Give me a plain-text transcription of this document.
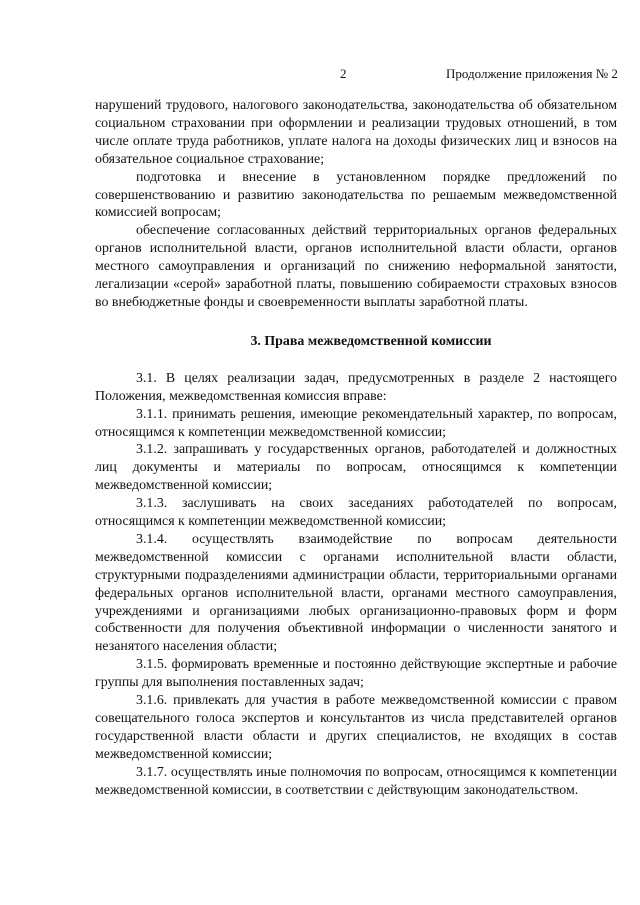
2	Продолжение приложения № 2

нарушений трудового, налогового законодательства, законодательства об обязательном социальном страховании при оформлении и реализации трудовых отношений, в том числе оплате труда работников, уплате налога на доходы физических лиц и взносов на обязательное социальное страхование;

подготовка и внесение в установленном порядке предложений по совершенствованию и развитию законодательства по решаемым межведомственной комиссией вопросам;

обеспечение согласованных действий территориальных органов федеральных органов исполнительной власти, органов исполнительной власти области, органов местного самоуправления и организаций по снижению неформальной занятости, легализации «серой» заработной платы, повышению собираемости страховых взносов во внебюджетные фонды и своевременности выплаты заработной платы.

3. Права межведомственной комиссии

3.1. В целях реализации задач, предусмотренных в разделе 2 настоящего Положения, межведомственная комиссия вправе:

3.1.1. принимать решения, имеющие рекомендательный характер, по вопросам, относящимся к компетенции межведомственной комиссии;

3.1.2. запрашивать у государственных органов, работодателей и должностных лиц документы и материалы по вопросам, относящимся к компетенции межведомственной комиссии;

3.1.3. заслушивать на своих заседаниях работодателей по вопросам, относящимся к компетенции межведомственной комиссии;

3.1.4. осуществлять взаимодействие по вопросам деятельности межведомственной комиссии с органами исполнительной власти области, структурными подразделениями администрации области, территориальными органами федеральных органов исполнительной власти, органами местного самоуправления, учреждениями и организациями любых организационно-правовых форм и форм собственности для получения объективной информации о численности занятого и незанятого населения области;

3.1.5. формировать временные и постоянно действующие экспертные и рабочие группы для выполнения поставленных задач;

3.1.6. привлекать для участия в работе межведомственной комиссии с правом совещательного голоса экспертов и консультантов из числа представителей органов государственной власти области и других специалистов, не входящих в состав межведомственной комиссии;

3.1.7. осуществлять иные полномочия по вопросам, относящимся к компетенции межведомственной комиссии, в соответствии с действующим законодательством.
